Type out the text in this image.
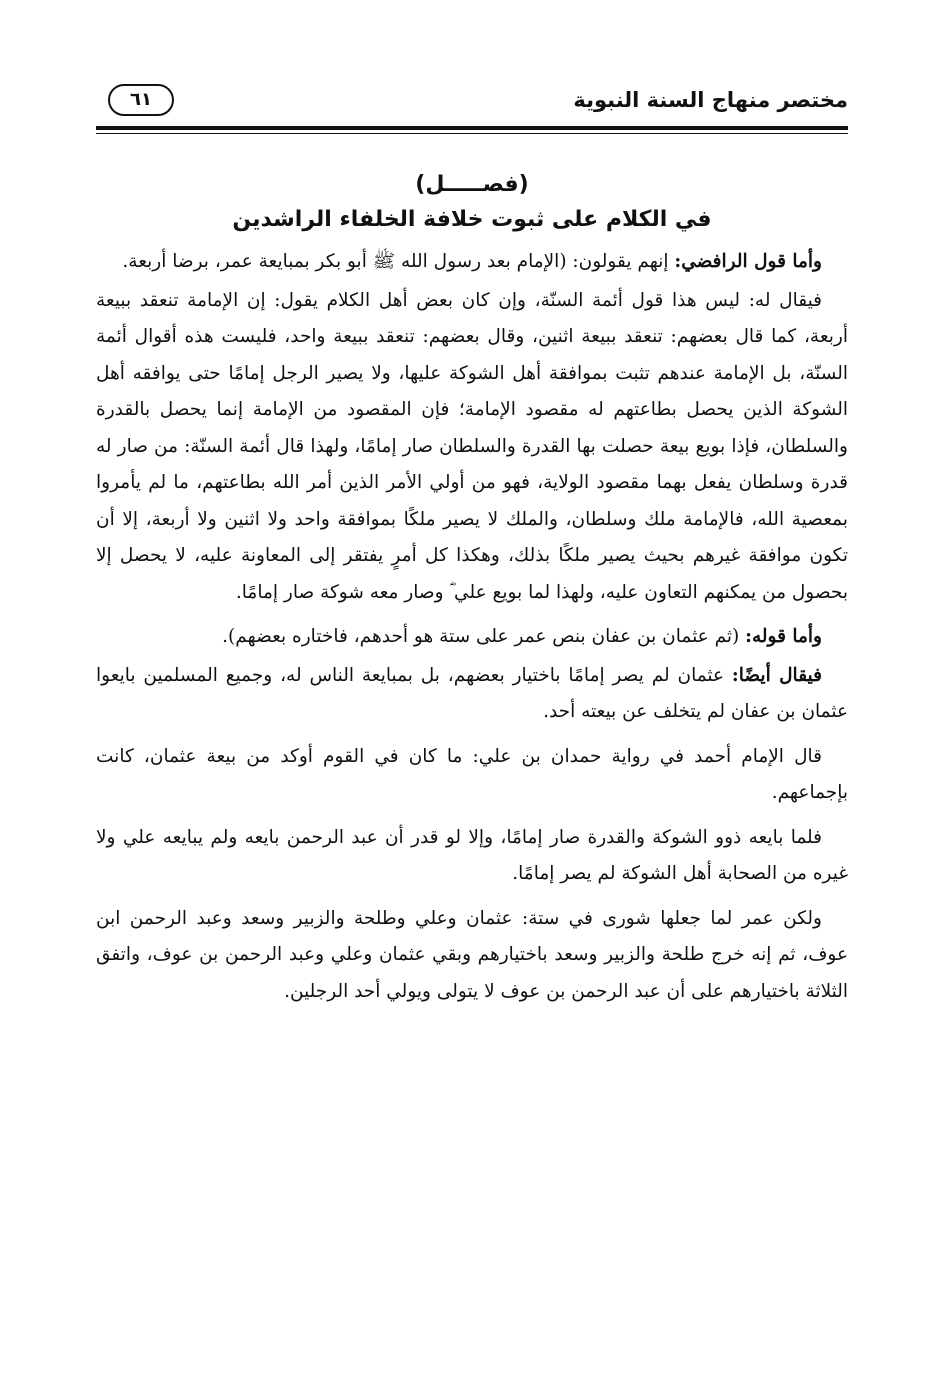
مختصر منهاج السنة النبوية
٦١
(فصـــــل)
في الكلام على ثبوت خلافة الخلفاء الراشدين

وأما قول الرافضي: إنهم يقولون: (الإمام بعد رسول الله ﷺ أبو بكر بمبايعة عمر، برضا أربعة.

فيقال له: ليس هذا قول أئمة السنّة، وإن كان بعض أهل الكلام يقول: إن الإمامة تنعقد ببيعة أربعة، كما قال بعضهم: تنعقد ببيعة اثنين، وقال بعضهم: تنعقد ببيعة واحد، فليست هذه أقوال أئمة السنّة، بل الإمامة عندهم تثبت بموافقة أهل الشوكة عليها، ولا يصير الرجل إمامًا حتى يوافقه أهل الشوكة الذين يحصل بطاعتهم له مقصود الإمامة؛ فإن المقصود من الإمامة إنما يحصل بالقدرة والسلطان، فإذا بويع بيعة حصلت بها القدرة والسلطان صار إمامًا، ولهذا قال أئمة السنّة: من صار له قدرة وسلطان يفعل بهما مقصود الولاية، فهو من أولي الأمر الذين أمر الله بطاعتهم، ما لم يأمروا بمعصية الله، فالإمامة ملك وسلطان، والملك لا يصير ملكًا بموافقة واحد ولا اثنين ولا أربعة، إلا أن تكون موافقة غيرهم بحيث يصير ملكًا بذلك، وهكذا كل أمرٍ يفتقر إلى المعاونة عليه، لا يحصل إلا بحصول من يمكنهم التعاون عليه، ولهذا لما بويع علي ؓ وصار معه شوكة صار إمامًا.

وأما قوله: (ثم عثمان بن عفان بنص عمر على ستة هو أحدهم، فاختاره بعضهم).

فيقال أيضًا: عثمان لم يصر إمامًا باختيار بعضهم، بل بمبايعة الناس له، وجميع المسلمين بايعوا عثمان بن عفان لم يتخلف عن بيعته أحد.

قال الإمام أحمد في رواية حمدان بن علي: ما كان في القوم أوكد من بيعة عثمان، كانت بإجماعهم.

فلما بايعه ذوو الشوكة والقدرة صار إمامًا، وإلا لو قدر أن عبد الرحمن بايعه ولم يبايعه علي ولا غيره من الصحابة أهل الشوكة لم يصر إمامًا.

ولكن عمر لما جعلها شورى في ستة: عثمان وعلي وطلحة والزبير وسعد وعبد الرحمن ابن عوف، ثم إنه خرج طلحة والزبير وسعد باختيارهم وبقي عثمان وعلي وعبد الرحمن بن عوف، واتفق الثلاثة باختيارهم على أن عبد الرحمن بن عوف لا يتولى ويولي أحد الرجلين.
